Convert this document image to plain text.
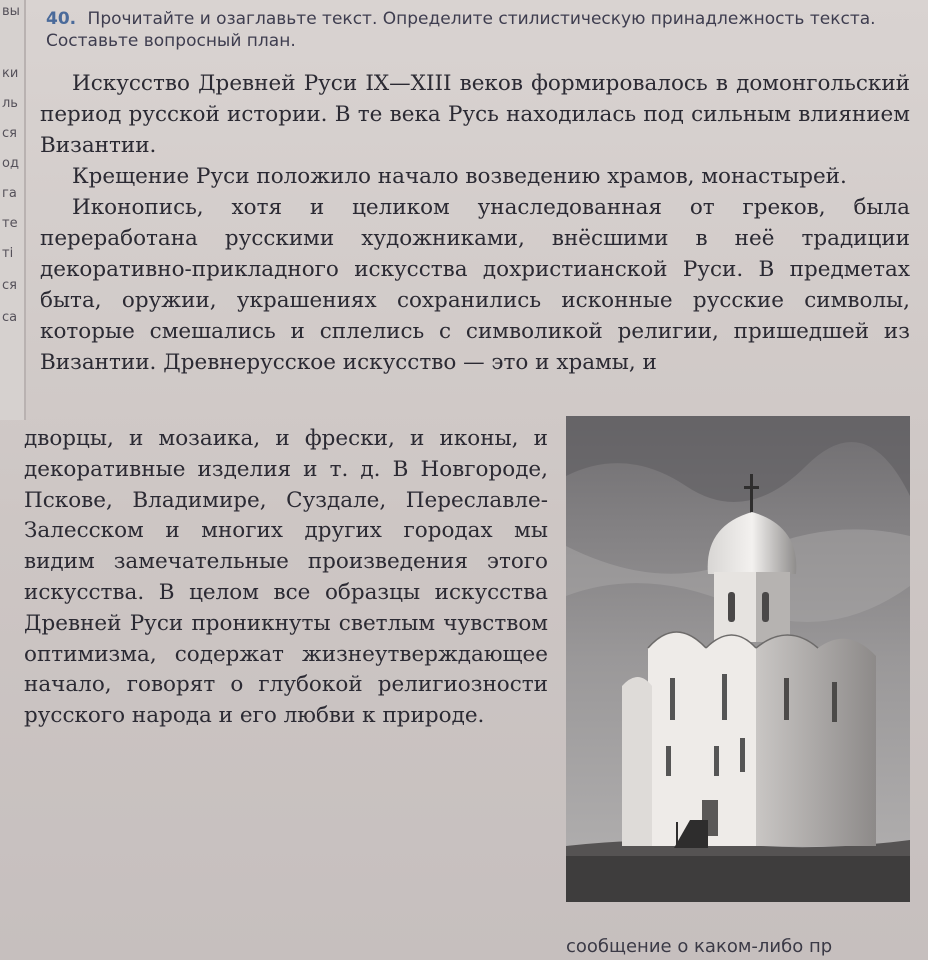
вы
ки
ль
ся
од
га
те
ті
ся
са
40. Прочитайте и озаглавьте текст. Определите стилистическую принадлежность текста. Составьте вопросный план.

Искусство Древней Руси IX—XIII веков формировалось в домонгольский период русской истории. В те века Русь находилась под сильным влиянием Византии.

Крещение Руси положило начало возведению храмов, монастырей.

Иконопись, хотя и целиком унаследованная от греков, была переработана русскими художниками, внёсшими в неё традиции декоративно-прикладного искусства дохристианской Руси. В предметах быта, оружии, украшениях сохранились исконные русские символы, которые смешались и сплелись с символикой религии, пришедшей из Византии. Древнерусское искусство — это и храмы, и

дворцы, и мозаика, и фрески, и иконы, и декоративные изделия и т. д. В Новгороде, Пскове, Владимире, Суздале, Переславле-Залесском и многих других городах мы видим замечательные произведения этого искусства. В целом все образцы искусства Древней Руси проникнуты светлым чувством оптимизма, содержат жизнеутверждающее начало, говорят о глубокой религиозности русского народа и его любви к природе.
сообщение о каком-либо пр
